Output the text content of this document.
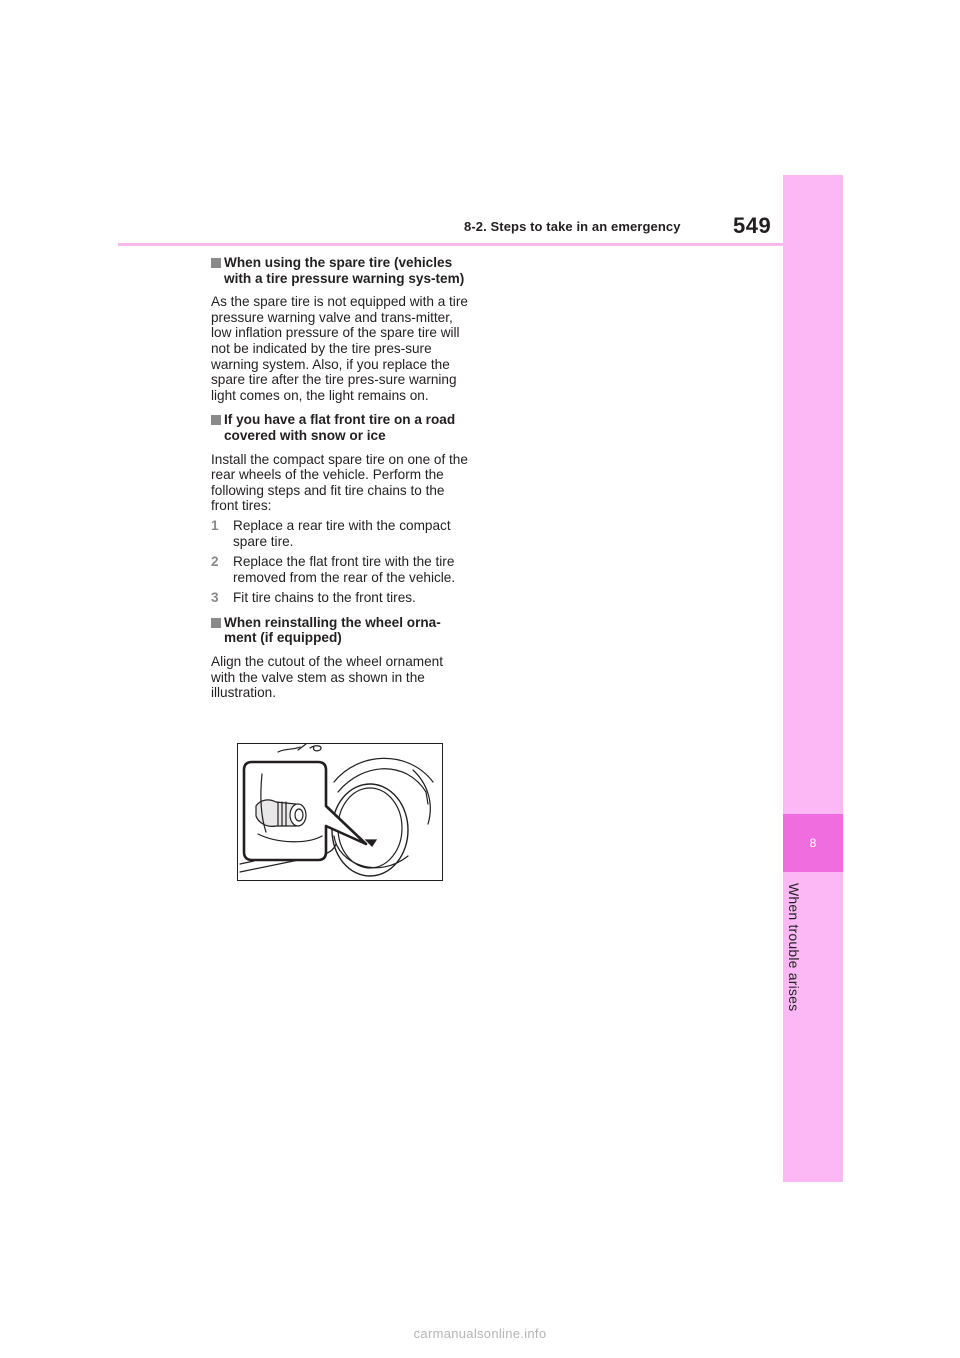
8-2. Steps to take in an emergency 549
8
When trouble arises
When using the spare tire (vehicles with a tire pressure warning sys-tem)

As the spare tire is not equipped with a tire pressure warning valve and trans-mitter, low inflation pressure of the spare tire will not be indicated by the tire pres-sure warning system. Also, if you replace the spare tire after the tire pres-sure warning light comes on, the light remains on.

If you have a flat front tire on a road covered with snow or ice

Install the compact spare tire on one of the rear wheels of the vehicle. Perform the following steps and fit tire chains to the front tires:

1 Replace a rear tire with the compact spare tire.
2 Replace the flat front tire with the tire removed from the rear of the vehicle.
3 Fit tire chains to the front tires.
When reinstalling the wheel orna-ment (if equipped)

Align the cutout of the wheel ornament with the valve stem as shown in the illustration.

carmanualsonline.info
